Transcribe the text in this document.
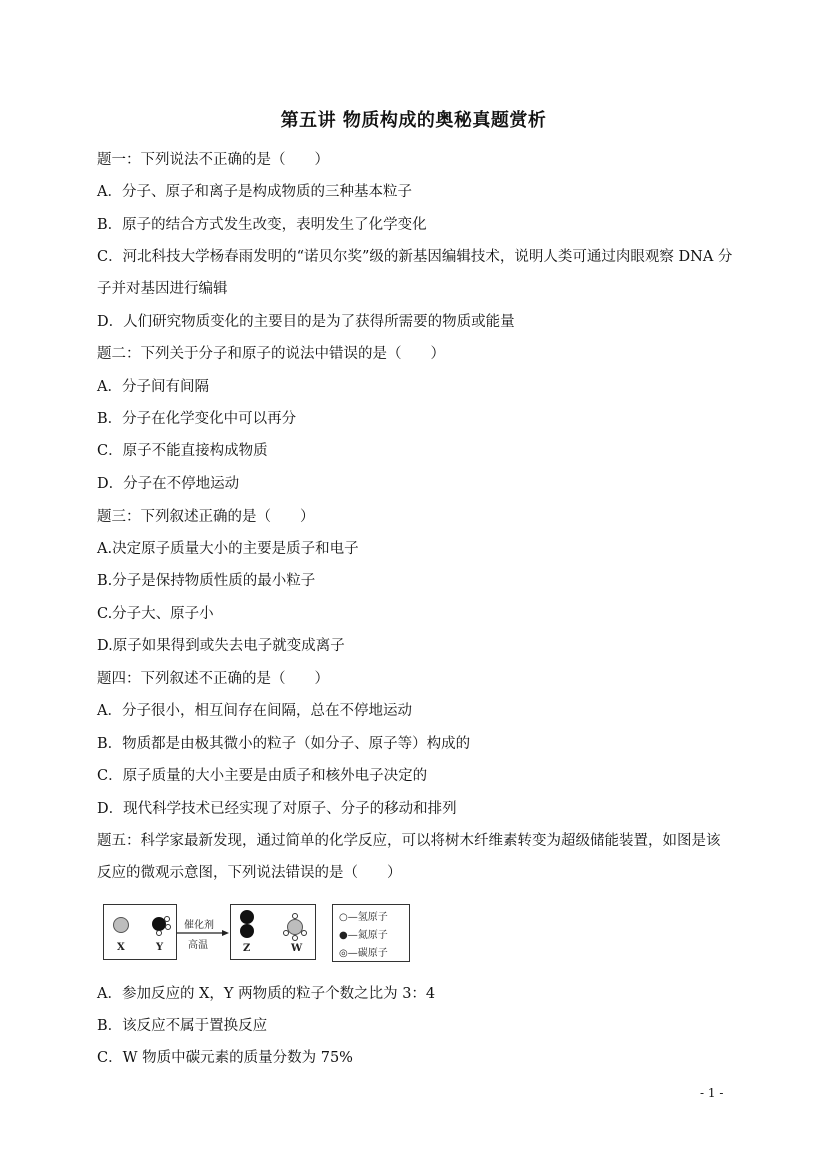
第五讲 物质构成的奥秘真题赏析
题一：下列说法不正确的是（　　）
A．分子、原子和离子是构成物质的三种基本粒子
B．原子的结合方式发生改变，表明发生了化学变化
C．河北科技大学杨春雨发明的“诺贝尔奖”级的新基因编辑技术，说明人类可通过肉眼观察 DNA 分
子并对基因进行编辑
D．人们研究物质变化的主要目的是为了获得所需要的物质或能量
题二：下列关于分子和原子的说法中错误的是（　　）
A．分子间有间隔
B．分子在化学变化中可以再分
C．原子不能直接构成物质
D．分子在不停地运动
题三：下列叙述正确的是（　　）
A.决定原子质量大小的主要是质子和电子
B.分子是保持物质性质的最小粒子
C.分子大、原子小
D.原子如果得到或失去电子就变成离子
题四：下列叙述不正确的是（　　）
A．分子很小，相互间存在间隔，总在不停地运动
B．物质都是由极其微小的粒子（如分子、原子等）构成的
C．原子质量的大小主要是由质子和核外电子决定的
D．现代科学技术已经实现了对原子、分子的移动和排列
题五：科学家最新发现，通过简单的化学反应，可以将树木纤维素转变为超级储能装置，如图是该
反应的微观示意图，下列说法错误的是（　　）
X	Y
催化剂
高温	Z	W
○—氢原子
●—氮原子
◎—碳原子
A．参加反应的 X，Y 两物质的粒子个数之比为 3：4
B．该反应不属于置换反应
C．W 物质中碳元素的质量分数为 75%
- 1 -
